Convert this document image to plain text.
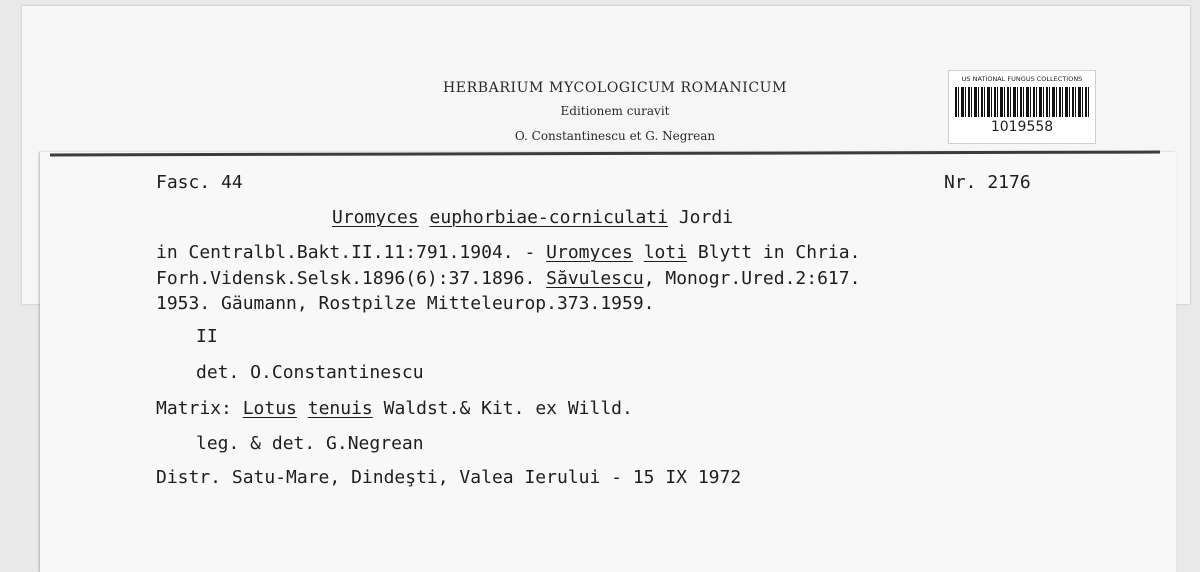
HERBARIUM MYCOLOGICUM ROMANICUM
Editionem curavit
O. Constantinescu et G. Negrean
US NATIONAL FUNGUS COLLECTIONS
1019558
Fasc. 44	Nr. 2176
Uromyces euphorbiae-corniculati Jordi
in Centralbl.Bakt.II.11:791.1904. - Uromyces loti Blytt in Chria.
Forh.Vidensk.Selsk.1896(6):37.1896. Săvulescu, Monogr.Ured.2:617.
1953. Gäumann, Rostpilze Mitteleurop.373.1959.
II
det. O.Constantinescu
Matrix: Lotus tenuis Waldst.& Kit. ex Willd.
leg. & det. G.Negrean
Distr. Satu-Mare, Dindeşti, Valea Ierului - 15 IX 1972
